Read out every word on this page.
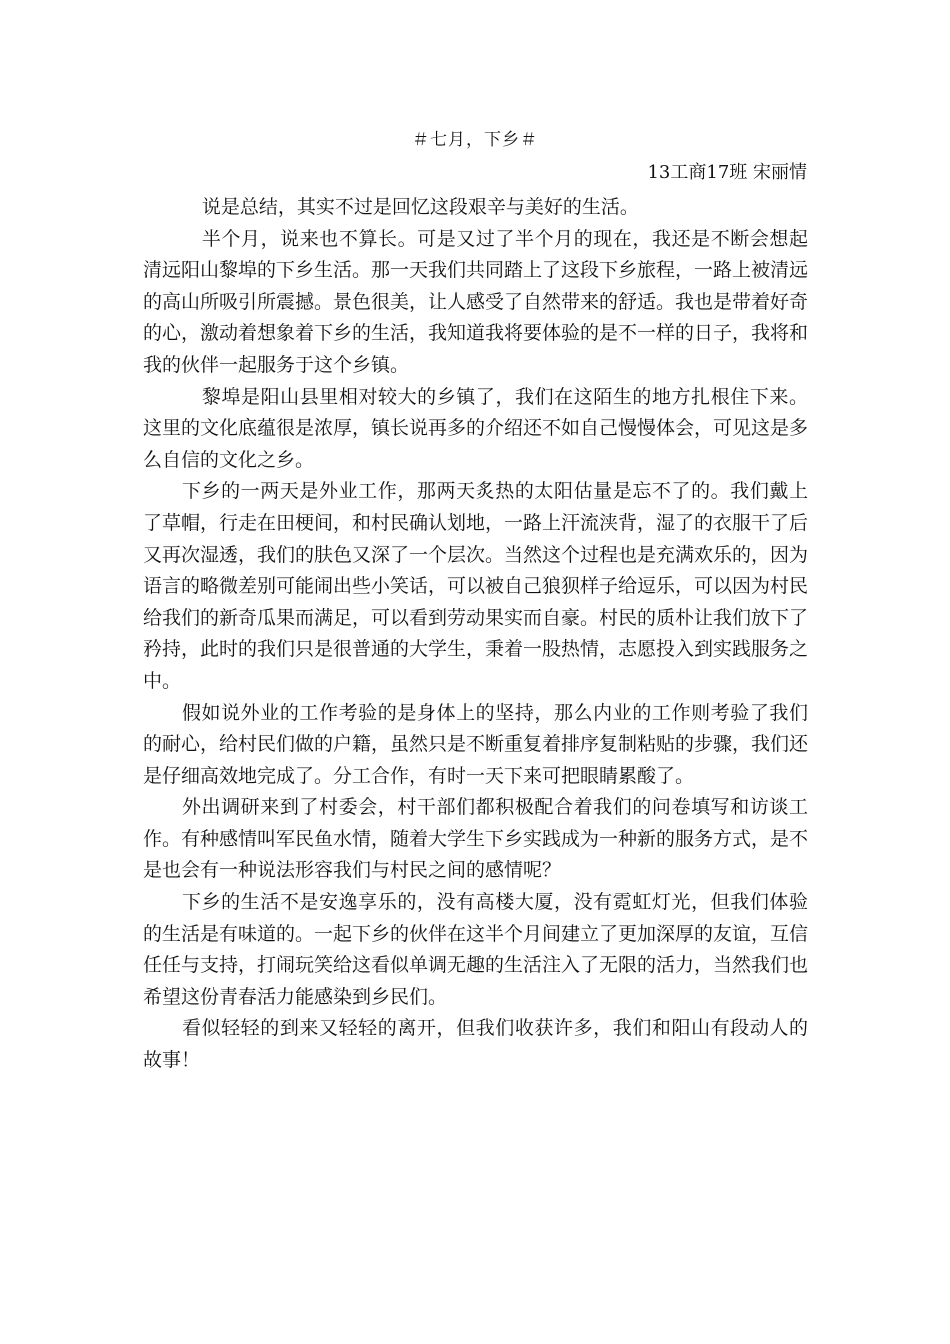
＃七月，下乡＃
13工商17班 宋丽情

说是总结，其实不过是回忆这段艰辛与美好的生活。

半个月，说来也不算长。可是又过了半个月的现在，我还是不断会想起清远阳山黎埠的下乡生活。那一天我们共同踏上了这段下乡旅程，一路上被清远的高山所吸引所震撼。景色很美，让人感受了自然带来的舒适。我也是带着好奇的心，激动着想象着下乡的生活，我知道我将要体验的是不一样的日子，我将和我的伙伴一起服务于这个乡镇。

黎埠是阳山县里相对较大的乡镇了，我们在这陌生的地方扎根住下来。这里的文化底蕴很是浓厚，镇长说再多的介绍还不如自己慢慢体会，可见这是多么自信的文化之乡。

下乡的一两天是外业工作，那两天炙热的太阳估量是忘不了的。我们戴上了草帽，行走在田梗间，和村民确认划地，一路上汗流浃背，湿了的衣服干了后又再次湿透，我们的肤色又深了一个层次。当然这个过程也是充满欢乐的，因为语言的略微差别可能闹出些小笑话，可以被自己狼狈样子给逗乐，可以因为村民给我们的新奇瓜果而满足，可以看到劳动果实而自豪。村民的质朴让我们放下了矜持，此时的我们只是很普通的大学生，秉着一股热情，志愿投入到实践服务之中。

假如说外业的工作考验的是身体上的坚持，那么内业的工作则考验了我们的耐心，给村民们做的户籍，虽然只是不断重复着排序复制粘贴的步骤，我们还是仔细高效地完成了。分工合作，有时一天下来可把眼睛累酸了。

外出调研来到了村委会，村干部们都积极配合着我们的问卷填写和访谈工作。有种感情叫军民鱼水情，随着大学生下乡实践成为一种新的服务方式，是不是也会有一种说法形容我们与村民之间的感情呢？

下乡的生活不是安逸享乐的，没有高楼大厦，没有霓虹灯光，但我们体验的生活是有味道的。一起下乡的伙伴在这半个月间建立了更加深厚的友谊，互信任任与支持，打闹玩笑给这看似单调无趣的生活注入了无限的活力，当然我们也希望这份青春活力能感染到乡民们。

看似轻轻的到来又轻轻的离开，但我们收获许多，我们和阳山有段动人的故事！
